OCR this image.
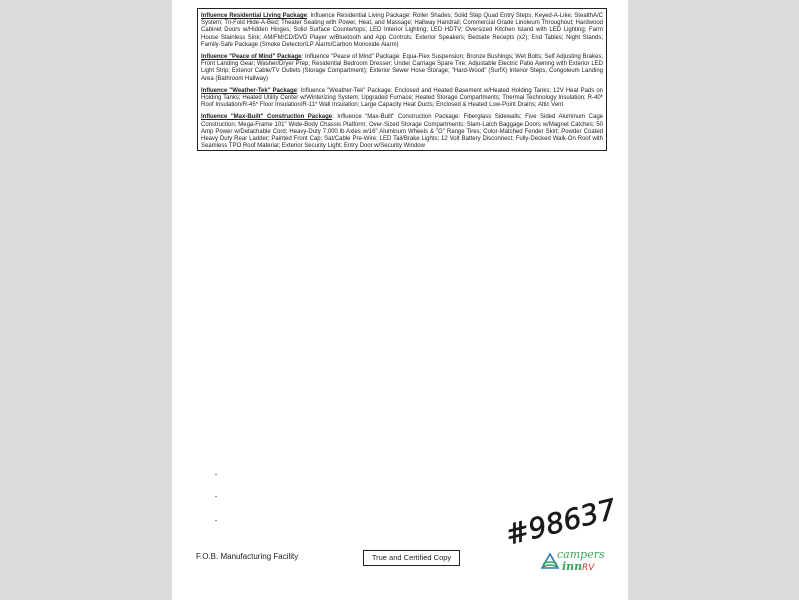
Influence Residential Living Package: Influence Residential Living Package: Roller Shades; Solid Step Quad Entry Steps; Keyed-A-Like; StealthA/C System; Tri-Fold Hide-A-Bed; Theater Seating with Power, Heat, and Massage; Hallway Handrail; Commercial Grade Linoleum Throughout; Hardwood Cabinet Doors w/Hidden Hinges; Solid Surface Countertops; LED Interior Lighting; LED HDTV; Oversized Kitchen Island with LED Lighting; Farm House Stainless Sink; AM/FM/CD/DVD Player w/Bluetooth and App Controls; Exterior Speakers; Bedside Recepts (x2); End Tables; Night Stands; Family-Safe Package (Smoke Detector/LP Alarm/Carbon Monoxide Alarm)

Influence "Peace of Mind" Package: Influence "Peace of Mind" Package: Equa-Flex Suspension; Bronze Bushings; Wet Bolts; Self Adjusting Brakes; Front Landing Gear; Washer/Dryer Prep; Residential Bedroom Dresser; Under Carriage Spare Tire; Adjustable Electric Patio Awning with Exterior LED Light Strip; Exterior Cable/TV Outlets (Storage Compartment); Exterior Sewer Hose Storage; "Hard-Wood" (SurfX) Interior Steps, Congoleum Landing Area (Bathroom Hallway)

Influence "Weather-Tek" Package: Influence "Weather-Tek" Package: Enclosed and Heated Basement w/Heated Holding Tanks; 12V Heat Pads on Holding Tanks; Heated Utility Center w/Winterizing System; Upgraded Furnace; Heated Storage Compartments; Thermal Technology Insulation; R-40* Roof Insulation/R-45* Floor Insulation/R-11* Wall Insulation; Large Capacity Heat Ducts; Enclosed & Heated Low-Point Drains; Attic Vent

Influence "Max-Built" Construction Package: Influence "Max-Built" Construction Package: Fiberglass Sidewalls; Five Sided Aluminum Cage Construction; Mega-Frame 101" Wide-Body Chassis Platform; Over-Sized Storage Compartments; Slam-Latch Baggage Doors w/Magnet Catches; 50 Amp Power w/Detachable Cord; Heavy-Duty 7,000 lb Axles w/16" Aluminum Wheels & "G" Range Tires; Color-Matched Fender Skirt; Powder Coated Heavy Duty Rear Ladder; Painted Front Cap; Sat/Cable Pre-Wire; LED Tail/Brake Lights; 12 Volt Battery Disconnect; Fully-Decked Walk-On Roof with Seamless TPO Roof Material; Exterior Security Light; Entry Door w/Security Window

F.O.B. Manufacturing Facility	True and Certified Copy
#98637
campers
inn RV
